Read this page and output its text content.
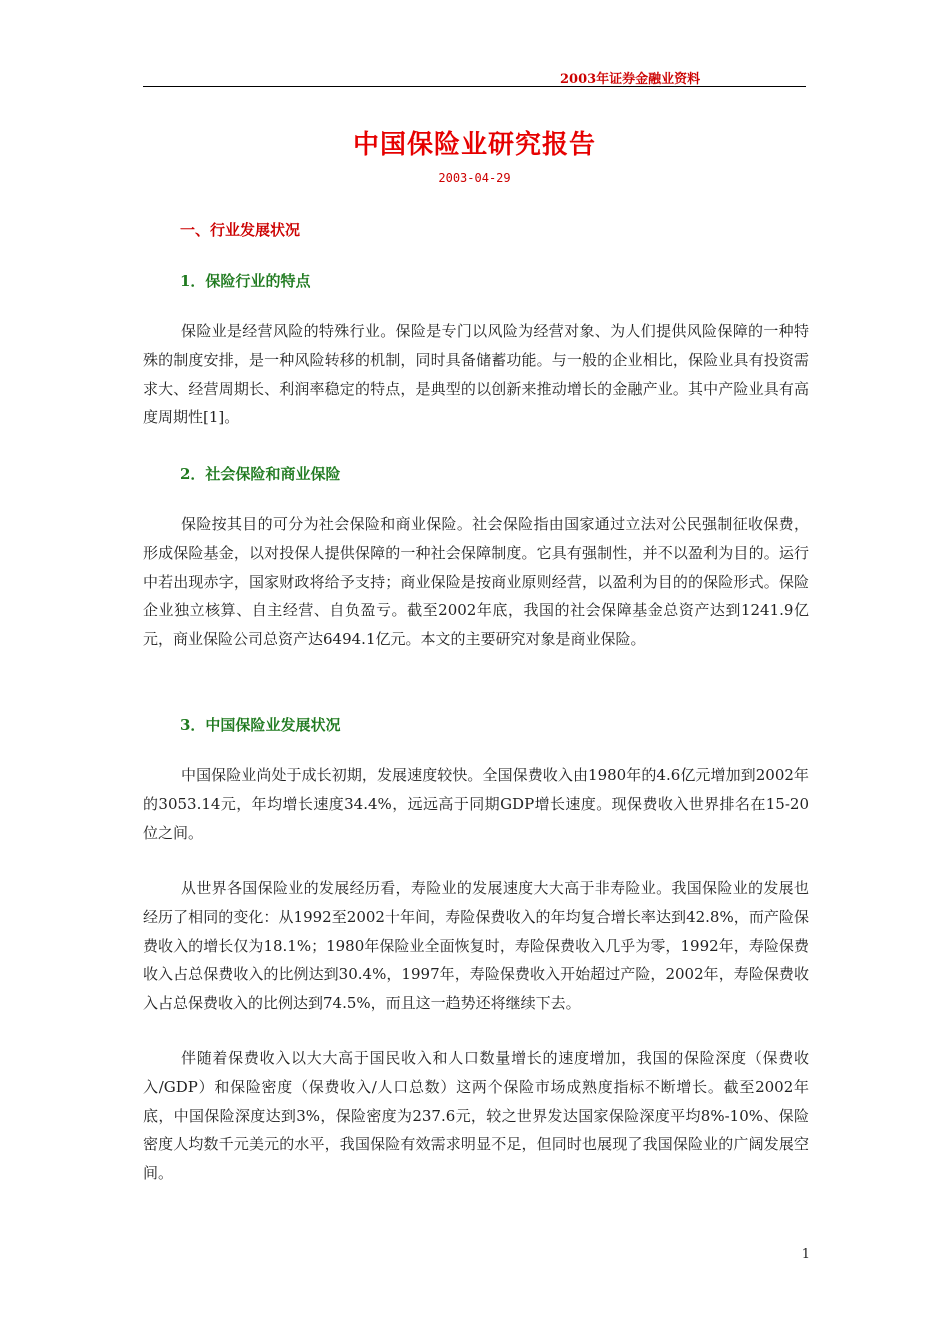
2003年证券金融业资料
中国保险业研究报告
2003-04-29
一、行业发展状况
1．保险行业的特点
保险业是经营风险的特殊行业。保险是专门以风险为经营对象、为人们提供风险保障的一种特殊的制度安排，是一种风险转移的机制，同时具备储蓄功能。与一般的企业相比，保险业具有投资需求大、经营周期长、利润率稳定的特点，是典型的以创新来推动增长的金融产业。其中产险业具有高度周期性[1]。
2．社会保险和商业保险
保险按其目的可分为社会保险和商业保险。社会保险指由国家通过立法对公民强制征收保费，形成保险基金，以对投保人提供保障的一种社会保障制度。它具有强制性，并不以盈利为目的。运行中若出现赤字，国家财政将给予支持；商业保险是按商业原则经营，以盈利为目的的保险形式。保险企业独立核算、自主经营、自负盈亏。截至2002年底，我国的社会保障基金总资产达到1241.9亿元，商业保险公司总资产达6494.1亿元。本文的主要研究对象是商业保险。
3．中国保险业发展状况
中国保险业尚处于成长初期，发展速度较快。全国保费收入由1980年的4.6亿元增加到2002年的3053.14元，年均增长速度34.4%，远远高于同期GDP增长速度。现保费收入世界排名在15-20位之间。
从世界各国保险业的发展经历看，寿险业的发展速度大大高于非寿险业。我国保险业的发展也经历了相同的变化：从1992至2002十年间，寿险保费收入的年均复合增长率达到42.8%，而产险保费收入的增长仅为18.1%；1980年保险业全面恢复时，寿险保费收入几乎为零，1992年，寿险保费收入占总保费收入的比例达到30.4%，1997年，寿险保费收入开始超过产险，2002年，寿险保费收入占总保费收入的比例达到74.5%，而且这一趋势还将继续下去。
伴随着保费收入以大大高于国民收入和人口数量增长的速度增加，我国的保险深度（保费收入/GDP）和保险密度（保费收入/人口总数）这两个保险市场成熟度指标不断增长。截至2002年底，中国保险深度达到3%，保险密度为237.6元，较之世界发达国家保险深度平均8%-10%、保险密度人均数千元美元的水平，我国保险有效需求明显不足，但同时也展现了我国保险业的广阔发展空间。
1
